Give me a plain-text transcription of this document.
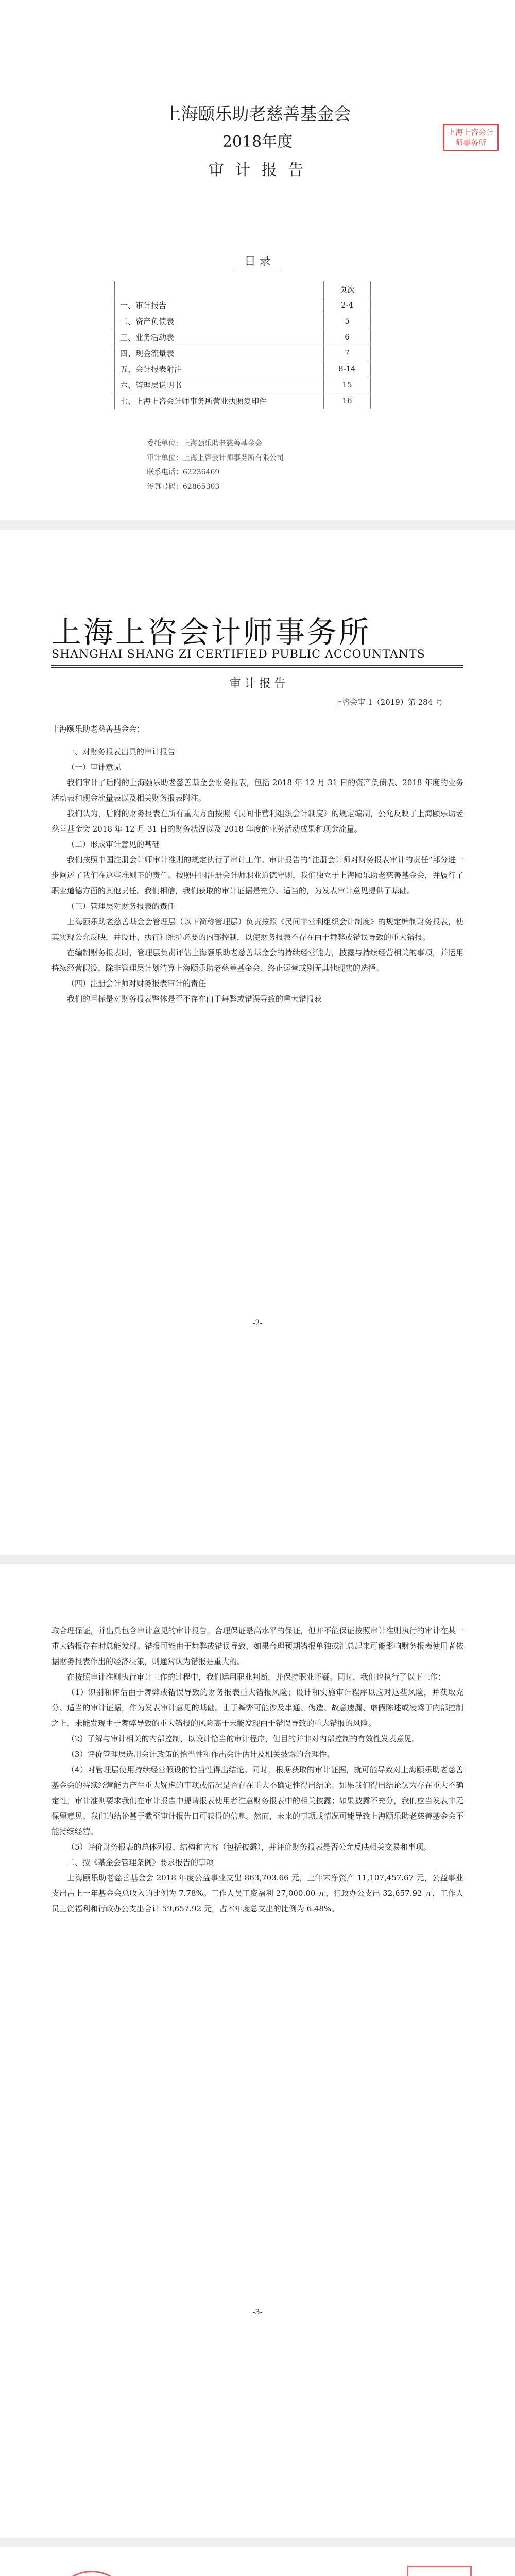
上海颐乐助老慈善基金会
2018年度
审 计 报 告
上海上咨会计师事务所
目 录
	页次
一、审计报告	2-4
二、资产负债表	5
三、业务活动表	6
四、现金流量表	7
五、会计报表附注	8-14
六、管理层说明书	15
七、上海上咨会计师事务所营业执照复印件	16
委托单位：上海颐乐助老慈善基金会
审计单位：上海上咨会计师事务所有限公司
联系电话：62236469
传真号码：62865303
上海上咨会计师事务所
SHANGHAI SHANG ZI CERTIFIED PUBLIC ACCOUNTANTS
审 计 报 告
上咨会审 1（2019）第 284 号

上海颐乐助老慈善基金会：

一、对财务报表出具的审计报告

（一）审计意见

我们审计了后附的上海颐乐助老慈善基金会财务报表，包括 2018 年 12 月 31 日的资产负债表、2018 年度的业务活动表和现金流量表以及相关财务报表附注。

我们认为，后附的财务报表在所有重大方面按照《民间非营利组织会计制度》的规定编制，公允反映了上海颐乐助老慈善基金会 2018 年 12 月 31 日的财务状况以及 2018 年度的业务活动成果和现金流量。

（二）形成审计意见的基础

我们按照中国注册会计师审计准则的规定执行了审计工作。审计报告的“注册会计师对财务报表审计的责任”部分进一步阐述了我们在这些准则下的责任。按照中国注册会计师职业道德守则，我们独立于上海颐乐助老慈善基金会，并履行了职业道德方面的其他责任。我们相信，我们获取的审计证据是充分、适当的，为发表审计意见提供了基础。

（三）管理层对财务报表的责任

上海颐乐助老慈善基金会管理层（以下简称管理层）负责按照《民间非营利组织会计制度》的规定编制财务报表，使其实现公允反映，并设计、执行和维护必要的内部控制，以使财务报表不存在由于舞弊或错误导致的重大错报。

在编制财务报表时，管理层负责评估上海颐乐助老慈善基金会的持续经营能力，披露与持续经营相关的事项，并运用持续经营假设，除非管理层计划清算上海颐乐助老慈善基金会、终止运营或别无其他现实的选择。

（四）注册会计师对财务报表审计的责任

我们的目标是对财务报表整体是否不存在由于舞弊或错误导致的重大错报获

-2-

取合理保证，并出具包含审计意见的审计报告。合理保证是高水平的保证，但并不能保证按照审计准则执行的审计在某一重大错报存在时总能发现。错报可能由于舞弊或错误导致，如果合理预期错报单独或汇总起来可能影响财务报表使用者依据财务报表作出的经济决策，则通常认为错报是重大的。

在按照审计准则执行审计工作的过程中，我们运用职业判断，并保持职业怀疑。同时，我们也执行了以下工作：

（1）识别和评估由于舞弊或错误导致的财务报表重大错报风险；设计和实施审计程序以应对这些风险，并获取充分、适当的审计证据，作为发表审计意见的基础。由于舞弊可能涉及串通、伪造、故意遗漏、虚假陈述或凌驾于内部控制之上，未能发现由于舞弊导致的重大错报的风险高于未能发现由于错误导致的重大错报的风险。

（2）了解与审计相关的内部控制，以设计恰当的审计程序，但目的并非对内部控制的有效性发表意见。

（3）评价管理层选用会计政策的恰当性和作出会计估计及相关披露的合理性。

（4）对管理层使用持续经营假设的恰当性得出结论。同时，根据获取的审计证据，就可能导致对上海颐乐助老慈善基金会的持续经营能力产生重大疑虑的事项或情况是否存在重大不确定性得出结论。如果我们得出结论认为存在重大不确定性，审计准则要求我们在审计报告中提请报表使用者注意财务报表中的相关披露；如果披露不充分，我们应当发表非无保留意见。我们的结论基于截至审计报告日可获得的信息。然而，未来的事项或情况可能导致上海颐乐助老慈善基金会不能持续经营。

（5）评价财务报表的总体列报、结构和内容（包括披露），并评价财务报表是否公允反映相关交易和事项。

二、按《基金会管理条例》要求报告的事项

上海颐乐助老慈善基金会 2018 年度公益事业支出 863,703.66 元，上年末净资产 11,107,457.67 元，公益事业支出占上一年基金会总收入的比例为 7.78%。工作人员工资福利 27,000.00 元，行政办公支出 32,657.92 元，工作人员工资福利和行政办公支出合计 59,657.92 元，占本年度总支出的比例为 6.48%。

-3-
